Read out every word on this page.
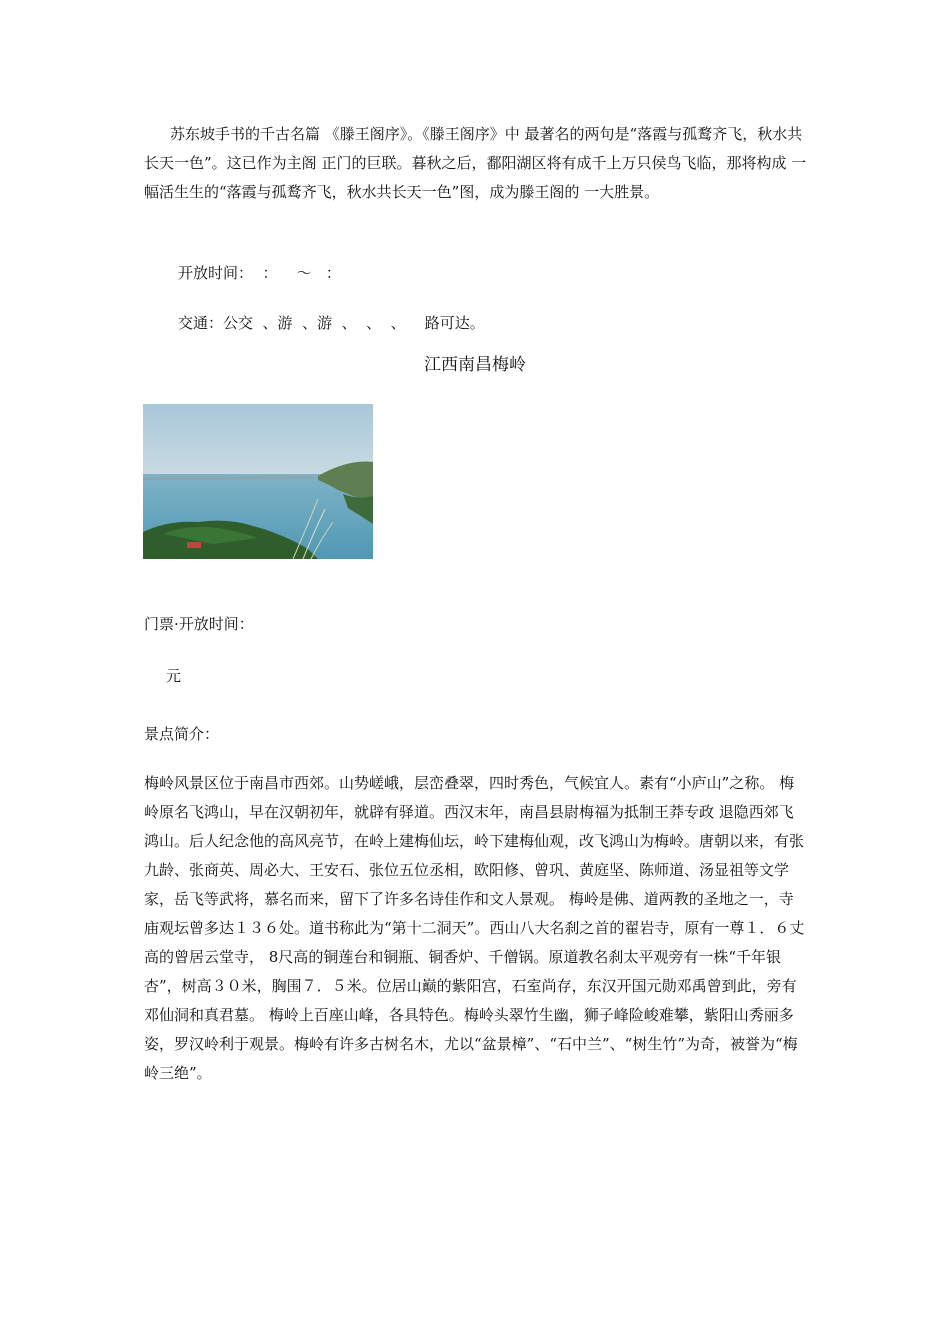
苏东坡手书的千古名篇 《滕王阁序》。《滕王阁序》中 最著名的两句是“落霞与孤鹜齐飞，秋水共长天一色”。这已作为主阁 正门的巨联。暮秋之后，鄱阳湖区将有成千上万只侯鸟飞临，那将构成 一幅活生生的“落霞与孤鹜齐飞，秋水共长天一色”图，成为滕王阁的 一大胜景。

开放时间：  ：    ～   ：

交通：公交  、游  、游  、  、  、    路可达。

江西南昌梅岭

门票·开放时间：

元

景点简介：

梅岭风景区位于南昌市西郊。山势嵯峨，层峦叠翠，四时秀色，气候宜人。素有“小庐山”之称。 梅岭原名飞鸿山，早在汉朝初年，就辟有驿道。西汉末年，南昌县尉梅福为抵制王莽专政 退隐西郊飞鸿山。后人纪念他的高风亮节，在岭上建梅仙坛，岭下建梅仙观，改飞鸿山为梅岭。唐朝以来，有张九龄、张商英、周必大、王安石、张位五位丞相，欧阳修、曾巩、黄庭坚、陈师道、汤显祖等文学家，岳飞等武将，慕名而来，留下了许多名诗佳作和文人景观。 梅岭是佛、道两教的圣地之一，寺庙观坛曾多达１３６处。道书称此为“第十二洞天”。西山八大名刹之首的翟岩寺，原有一尊１．６丈高的曾居云堂寺， 8尺高的铜莲台和铜瓶、铜香炉、千僧锅。原道教名刹太平观旁有一株“千年银杏”，树高３０米，胸围７．５米。位居山巅的紫阳宫，石室尚存，东汉开国元勋邓禹曾到此，旁有邓仙洞和真君墓。 梅岭上百座山峰，各具特色。梅岭头翠竹生幽，狮子峰险峻难攀，紫阳山秀丽多姿，罗汉岭利于观景。梅岭有许多古树名木，尤以“盆景樟”、“石中兰”、“树生竹”为奇，被誉为“梅岭三绝”。
